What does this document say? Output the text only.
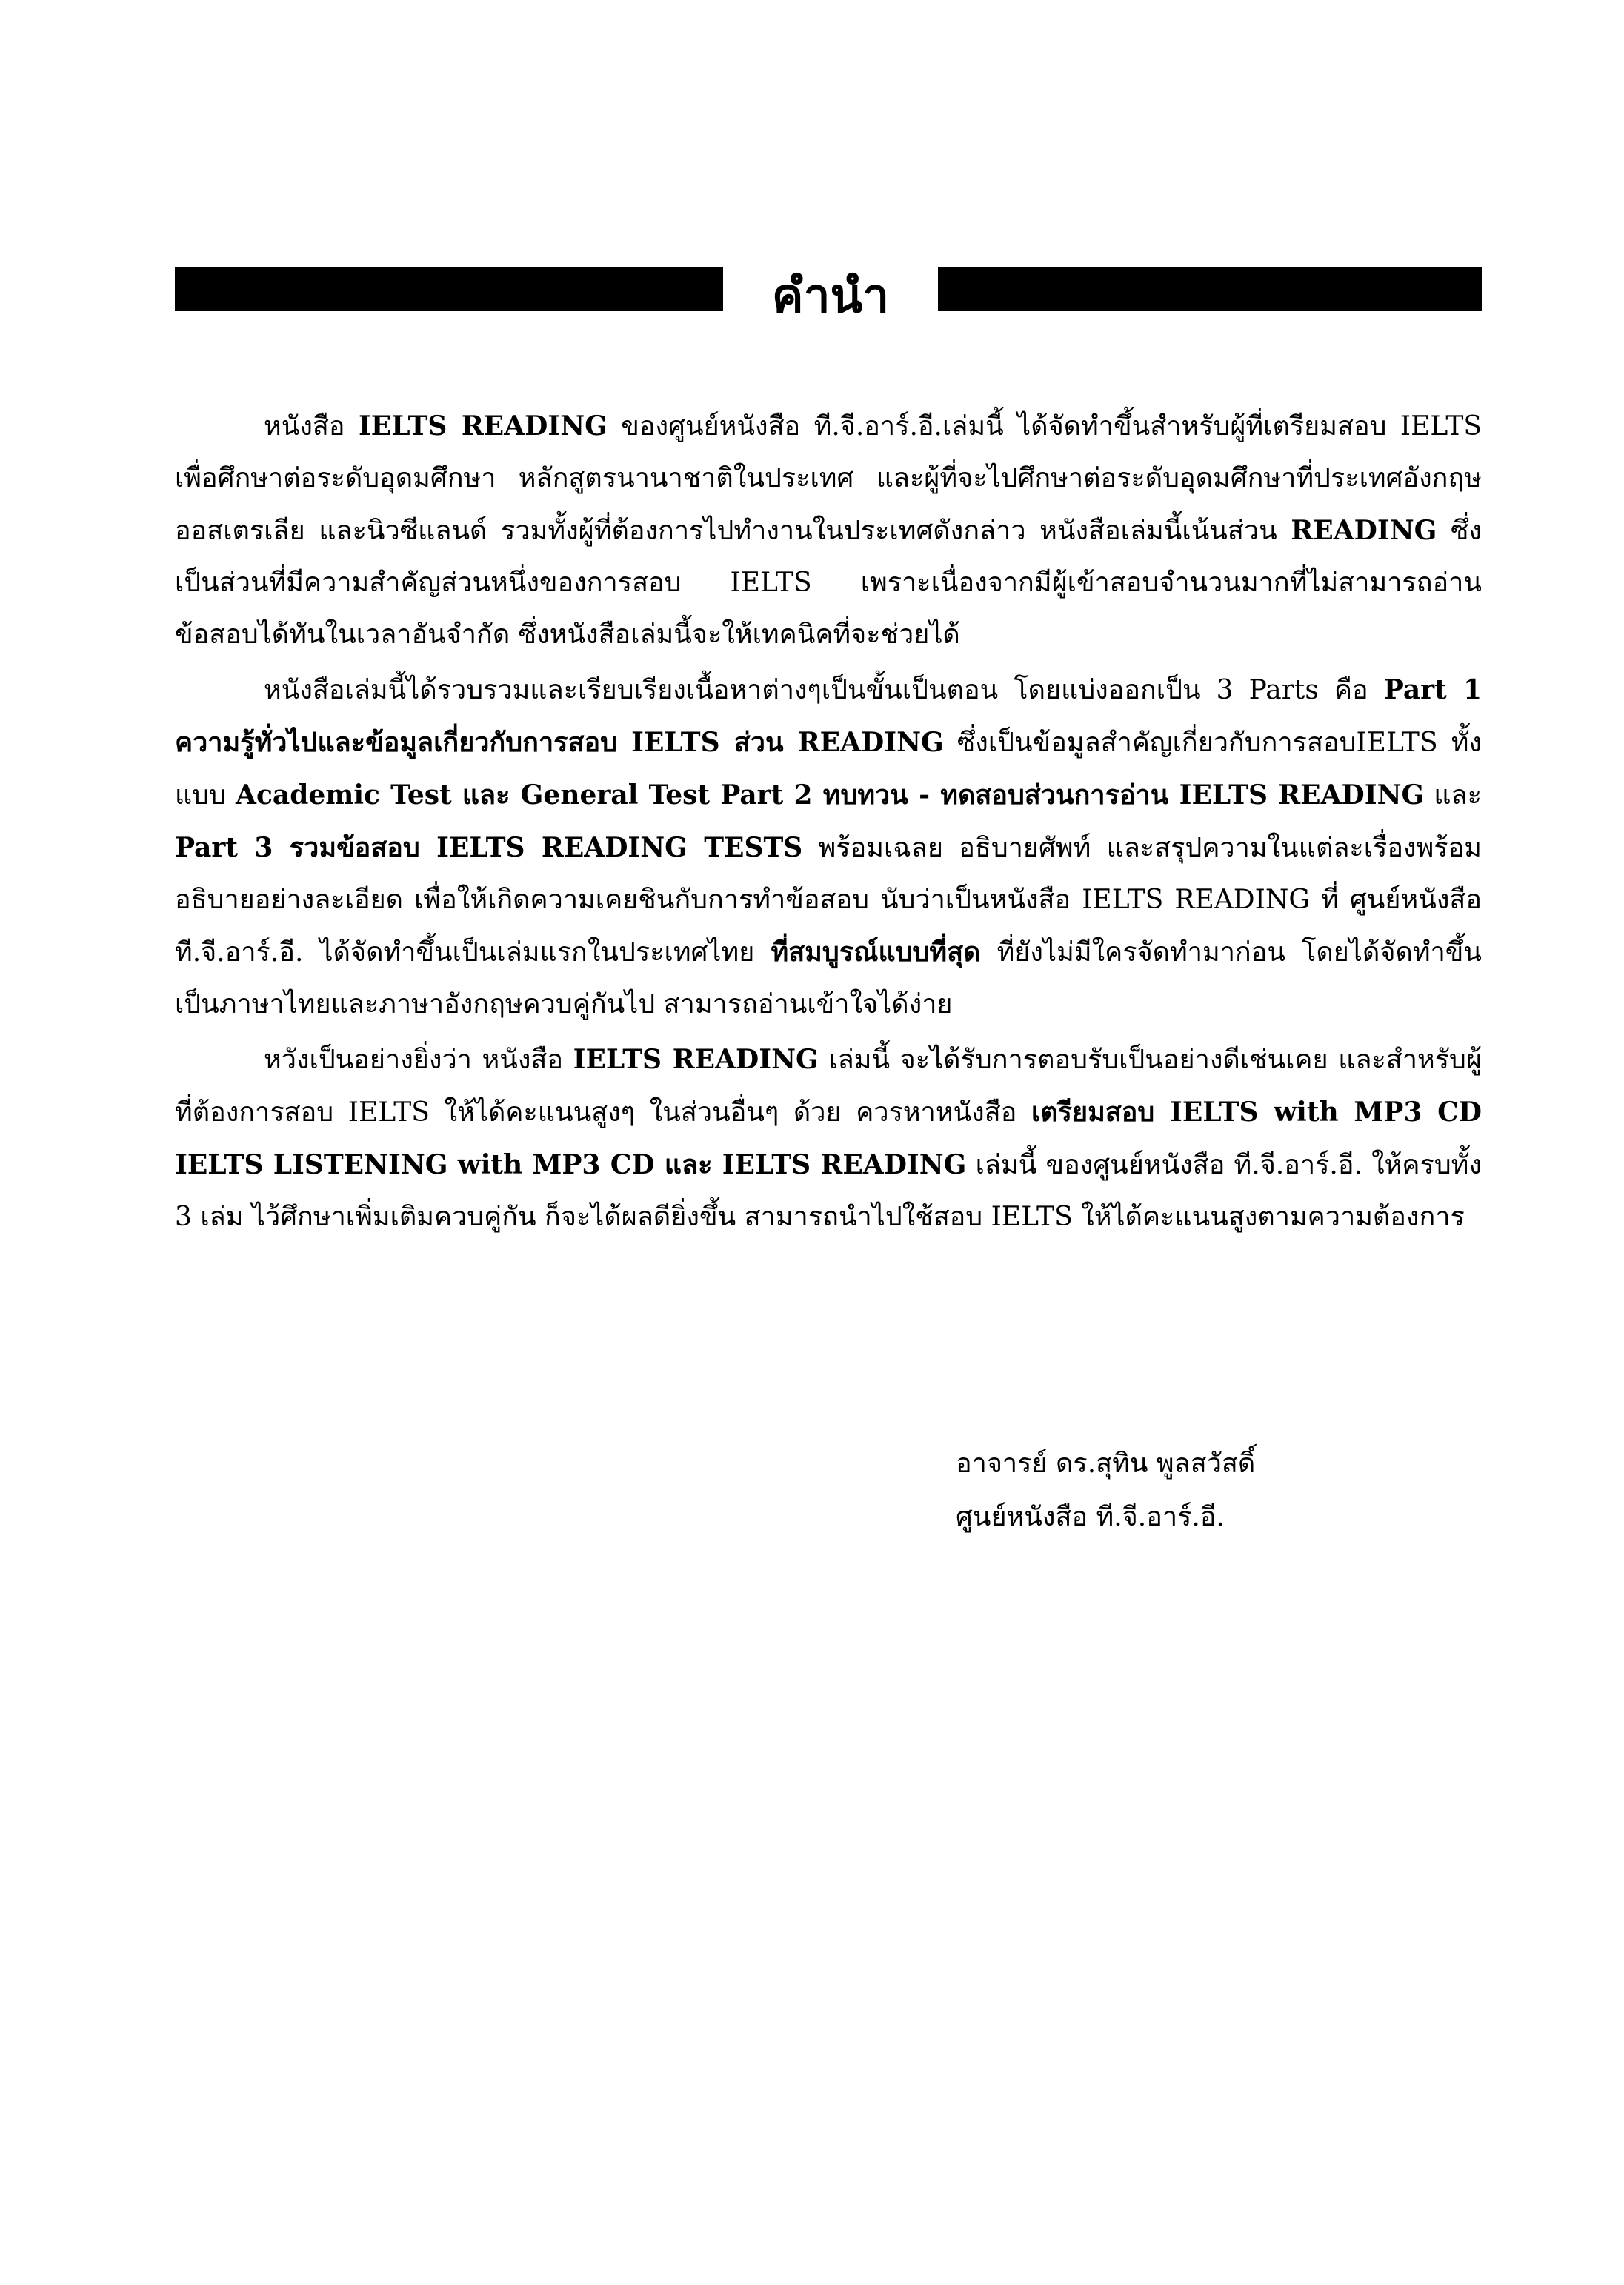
คำนำ

หนังสือ IELTS READING ของศูนย์หนังสือ ที.จี.อาร์.อี.เล่มนี้ ได้จัดทำขึ้นสำหรับผู้ที่เตรียมสอบ IELTS เพื่อศึกษาต่อระดับอุดมศึกษา หลักสูตรนานาชาติในประเทศ และผู้ที่จะไปศึกษาต่อระดับอุดมศึกษาที่ประเทศอังกฤษ ออสเตรเลีย และนิวซีแลนด์ รวมทั้งผู้ที่ต้องการไปทำงานในประเทศดังกล่าว หนังสือเล่มนี้เน้นส่วน READING ซึ่งเป็นส่วนที่มีความสำคัญส่วนหนึ่งของการสอบ IELTS เพราะเนื่องจากมีผู้เข้าสอบจำนวนมากที่ไม่สามารถอ่านข้อสอบได้ทันในเวลาอันจำกัด ซึ่งหนังสือเล่มนี้จะให้เทคนิคที่จะช่วยได้

หนังสือเล่มนี้ได้รวบรวมและเรียบเรียงเนื้อหาต่างๆเป็นขั้นเป็นตอน โดยแบ่งออกเป็น 3 Parts คือ Part 1 ความรู้ทั่วไปและข้อมูลเกี่ยวกับการสอบ IELTS ส่วน READING ซึ่งเป็นข้อมูลสำคัญเกี่ยวกับการสอบIELTS ทั้งแบบ Academic Test และ General Test Part 2 ทบทวน - ทดสอบส่วนการอ่าน IELTS READING และ Part 3 รวมข้อสอบ IELTS READING TESTS พร้อมเฉลย อธิบายศัพท์ และสรุปความในแต่ละเรื่องพร้อมอธิบายอย่างละเอียด เพื่อให้เกิดความเคยชินกับการทำข้อสอบ นับว่าเป็นหนังสือ IELTS READING ที่ ศูนย์หนังสือ ที.จี.อาร์.อี. ได้จัดทำขึ้นเป็นเล่มแรกในประเทศไทย ที่สมบูรณ์แบบที่สุด ที่ยังไม่มีใครจัดทำมาก่อน โดยได้จัดทำขึ้นเป็นภาษาไทยและภาษาอังกฤษควบคู่กันไป สามารถอ่านเข้าใจได้ง่าย

หวังเป็นอย่างยิ่งว่า หนังสือ IELTS READING เล่มนี้ จะได้รับการตอบรับเป็นอย่างดีเช่นเคย และสำหรับผู้ที่ต้องการสอบ IELTS ให้ได้คะแนนสูงๆ ในส่วนอื่นๆ ด้วย ควรหาหนังสือ เตรียมสอบ IELTS with MP3 CD IELTS LISTENING with MP3 CD และ IELTS READING เล่มนี้ ของศูนย์หนังสือ ที.จี.อาร์.อี. ให้ครบทั้ง 3 เล่ม ไว้ศึกษาเพิ่มเติมควบคู่กัน ก็จะได้ผลดียิ่งขึ้น สามารถนำไปใช้สอบ IELTS ให้ได้คะแนนสูงตามความต้องการ

อาจารย์ ดร.สุทิน พูลสวัสดิ์
ศูนย์หนังสือ ที.จี.อาร์.อี.
